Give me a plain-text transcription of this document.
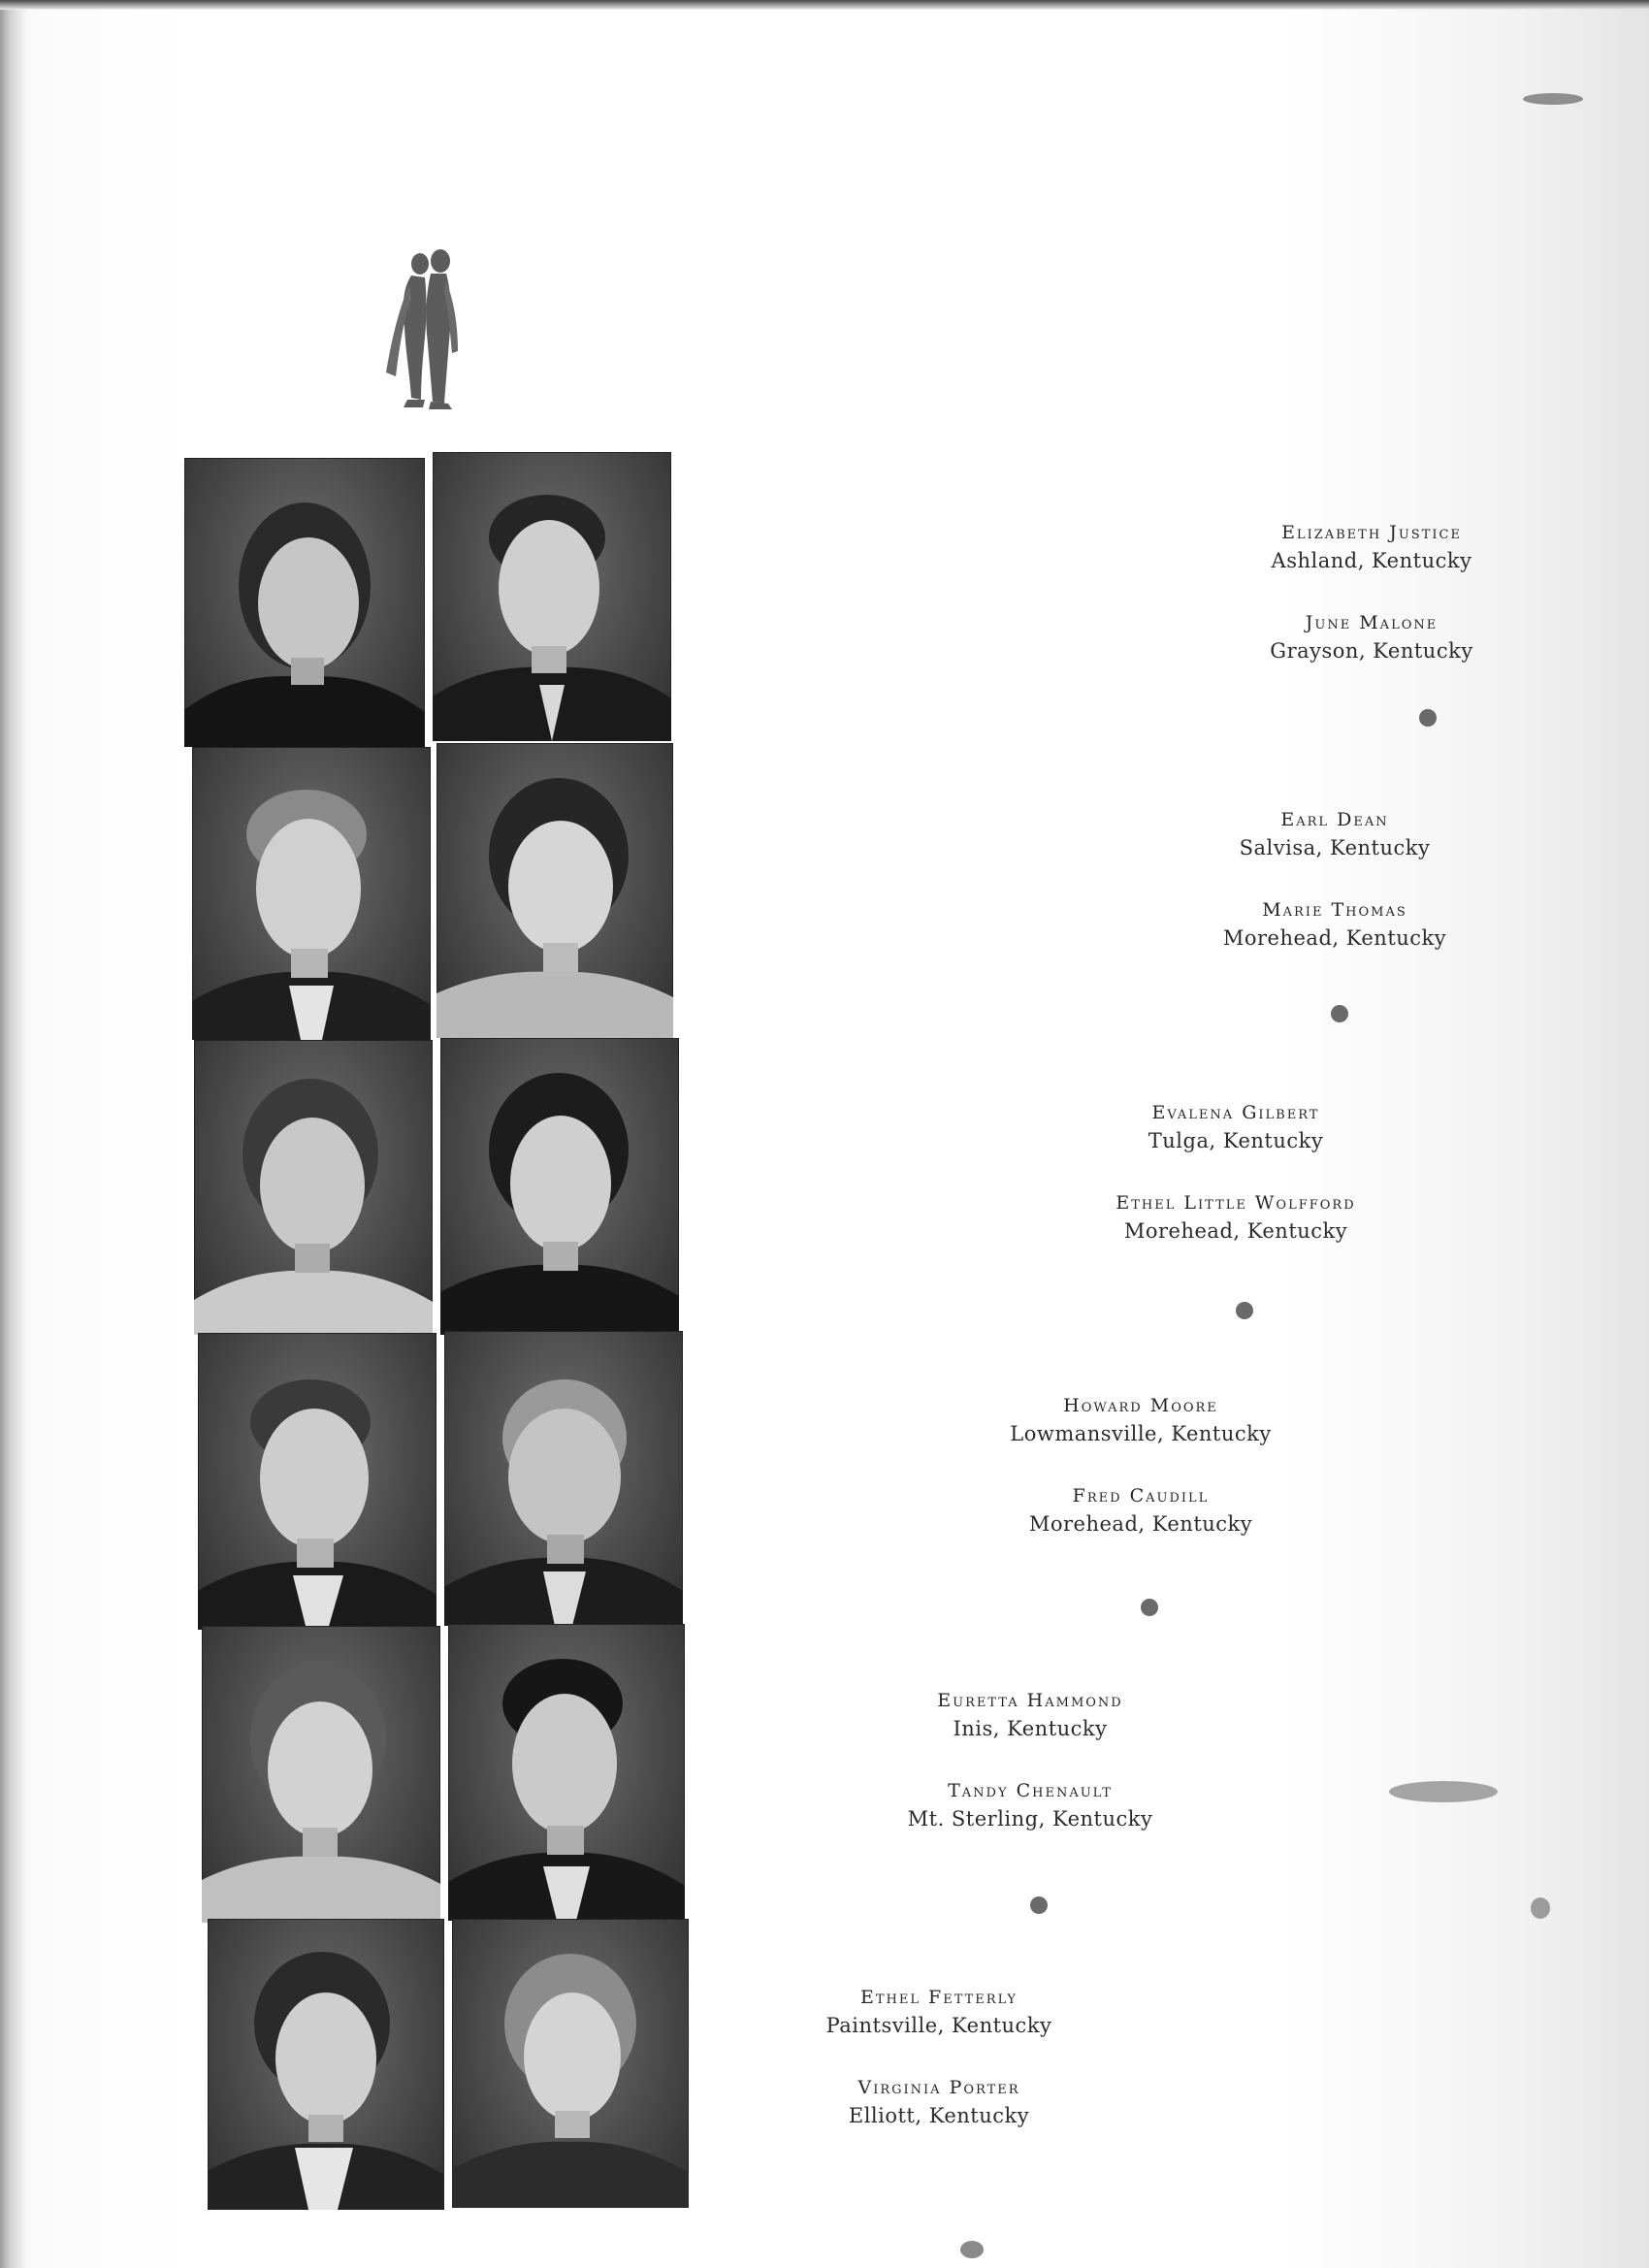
Elizabeth Justice
Ashland, Kentucky
June Malone
Grayson, Kentucky
Earl Dean
Salvisa, Kentucky
Marie Thomas
Morehead, Kentucky
Evalena Gilbert
Tulga, Kentucky
Ethel Little Wolfford
Morehead, Kentucky
Howard Moore
Lowmansville, Kentucky
Fred Caudill
Morehead, Kentucky
Euretta Hammond
Inis, Kentucky
Tandy Chenault
Mt. Sterling, Kentucky
Ethel Fetterly
Paintsville, Kentucky
Virginia Porter
Elliott, Kentucky
